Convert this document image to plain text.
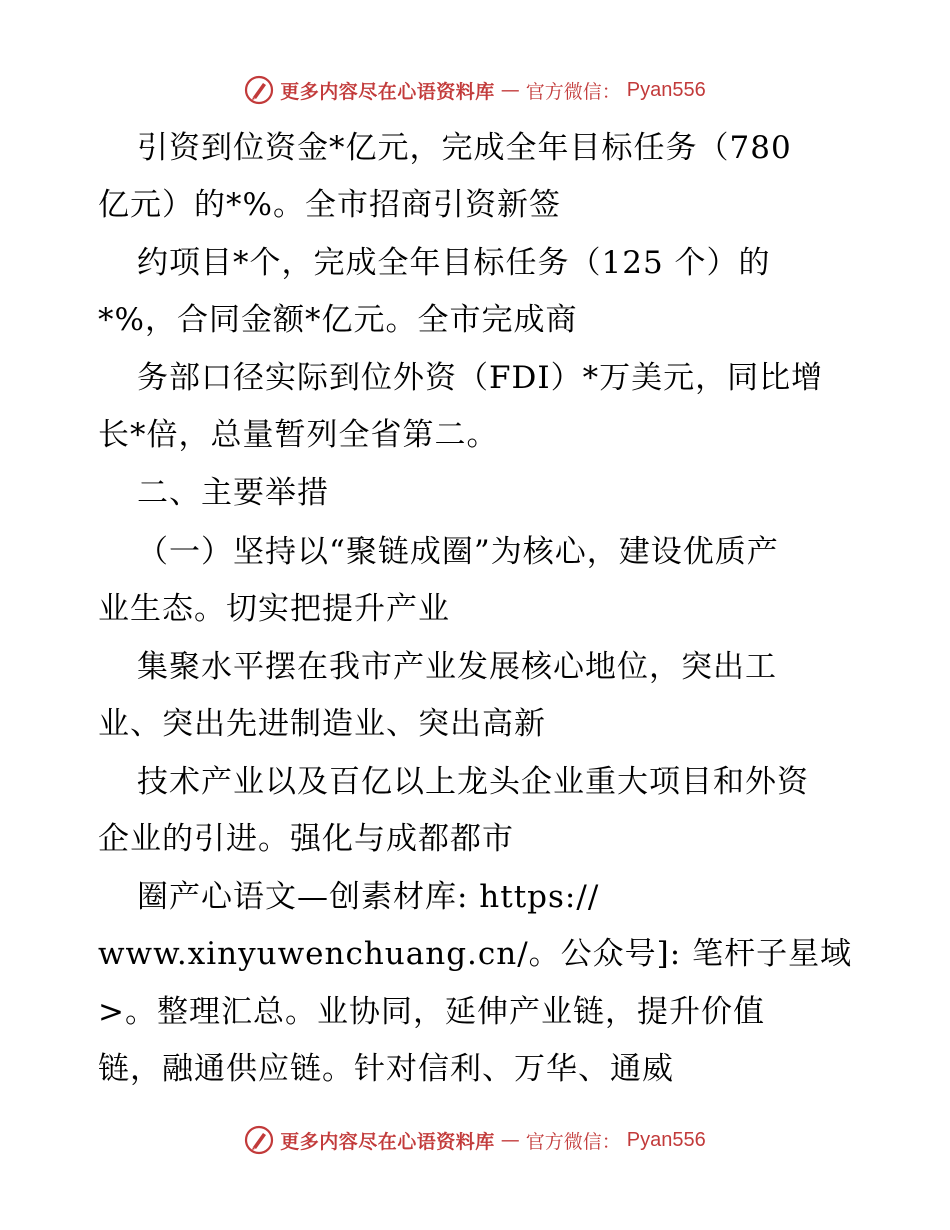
更多内容尽在心语资料库 — 官方微信： Pyan556
引资到位资金*亿元，完成全年目标任务（780
亿元）的*%。全市招商引资新签
约项目*个，完成全年目标任务（125 个）的
*%，合同金额*亿元。全市完成商
务部口径实际到位外资（FDI）*万美元，同比增
长*倍，总量暂列全省第二。
二、主要举措
（一）坚持以“聚链成圈”为核心，建设优质产
业生态。切实把提升产业
集聚水平摆在我市产业发展核心地位，突出工
业、突出先进制造业、突出高新
技术产业以及百亿以上龙头企业重大项目和外资
企业的引进。强化与成都都市
圈产心语文—创素材库: https://
www.xinyuwenchuang.cn/。公众号]: 笔杆子星域
>。整理汇总。业协同，延伸产业链，提升价值
链，融通供应链。针对信利、万华、通威
更多内容尽在心语资料库 — 官方微信： Pyan556
